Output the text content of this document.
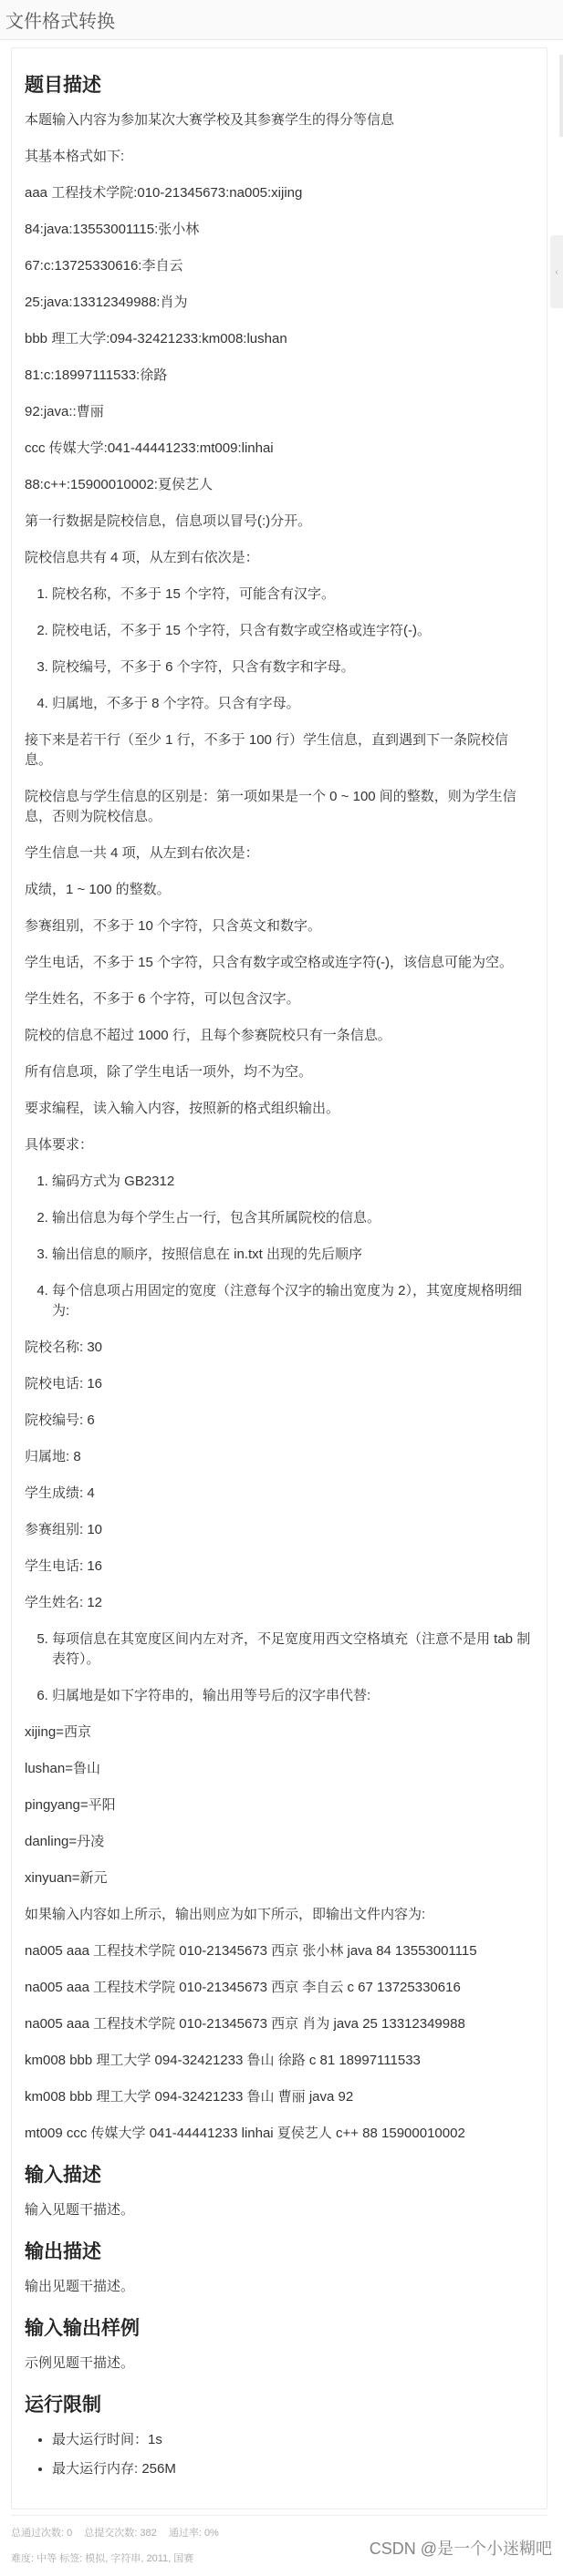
文件格式转换
‹
题目描述

本题输入内容为参加某次大赛学校及其参赛学生的得分等信息

其基本格式如下:

aaa 工程技术学院:010-21345673:na005:xijing

84:java:13553001115:张小林

67:c:13725330616:李自云

25:java:13312349988:肖为

bbb 理工大学:094-32421233:km008:lushan

81:c:18997111533:徐路

92:java::曹丽

ccc 传媒大学:041-44441233:mt009:linhai

88:c++:15900010002:夏侯艺人

第一行数据是院校信息，信息项以冒号(:)分开。

院校信息共有 4 项，从左到右依次是：

1. 院校名称，不多于 15 个字符，可能含有汉字。
2. 院校电话，不多于 15 个字符，只含有数字或空格或连字符(-)。
3. 院校编号，不多于 6 个字符，只含有数字和字母。
4. 归属地，不多于 8 个字符。只含有字母。

接下来是若干行（至少 1 行，不多于 100 行）学生信息，直到遇到下一条院校信息。

院校信息与学生信息的区别是：第一项如果是一个 0 ~ 100 间的整数，则为学生信息，否则为院校信息。

学生信息一共 4 项，从左到右依次是：

成绩，1 ~ 100 的整数。

参赛组别，不多于 10 个字符，只含英文和数字。

学生电话，不多于 15 个字符，只含有数字或空格或连字符(-)，该信息可能为空。

学生姓名，不多于 6 个字符，可以包含汉字。

院校的信息不超过 1000 行，且每个参赛院校只有一条信息。

所有信息项，除了学生电话一项外，均不为空。

要求编程，读入输入内容，按照新的格式组织输出。

具体要求：

1. 编码方式为 GB2312
2. 输出信息为每个学生占一行，包含其所属院校的信息。
3. 输出信息的顺序，按照信息在 in.txt 出现的先后顺序
4. 每个信息项占用固定的宽度（注意每个汉字的输出宽度为 2），其宽度规格明细为:

院校名称: 30

院校电话: 16

院校编号: 6

归属地: 8

学生成绩: 4

参赛组别: 10

学生电话: 16

学生姓名: 12

5. 每项信息在其宽度区间内左对齐，不足宽度用西文空格填充（注意不是用 tab 制表符）。
6. 归属地是如下字符串的，输出用等号后的汉字串代替:

xijing=西京

lushan=鲁山

pingyang=平阳

danling=丹凌

xinyuan=新元

如果输入内容如上所示，输出则应为如下所示，即输出文件内容为:

na005 aaa 工程技术学院 010-21345673 西京 张小林 java 84 13553001115

na005 aaa 工程技术学院 010-21345673 西京 李自云 c 67 13725330616

na005 aaa 工程技术学院 010-21345673 西京 肖为 java 25 13312349988

km008 bbb 理工大学 094-32421233 鲁山 徐路 c 81 18997111533

km008 bbb 理工大学 094-32421233 鲁山 曹丽 java 92

mt009 ccc 传媒大学 041-44441233 linhai 夏侯艺人 c++ 88 15900010002

输入描述

输入见题干描述。

输出描述

输出见题干描述。

输入输出样例

示例见题干描述。

运行限制
• 最大运行时间：1s
• 最大运行内存: 256M
总通过次数: 0 总提交次数: 382 通过率: 0%
难度: 中等 标签: 模拟, 字符串, 2011, 国赛
CSDN @是一个小迷糊吧
